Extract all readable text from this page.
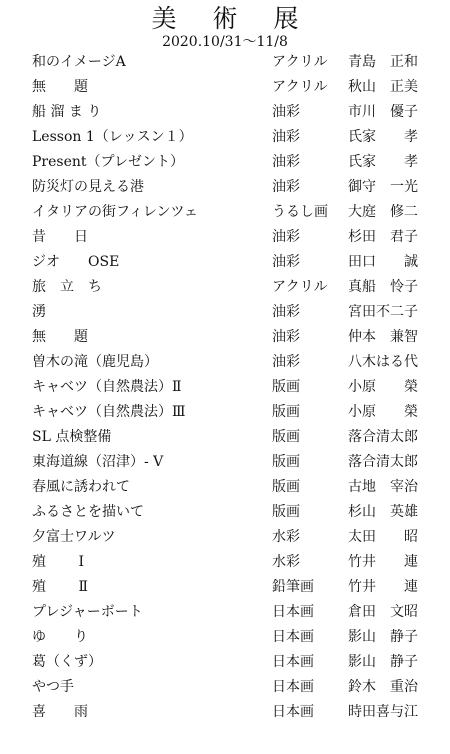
美 術 展
2020.10/31〜11/8
和のイメージA	アクリル	青島　正和
無　　題	アクリル	秋山　正美
船 溜 ま り	油彩	市川　優子
Lesson 1（レッスン１）	油彩	氏家　　孝
Present（プレゼント）	油彩	氏家　　孝
防災灯の見える港	油彩	御守　一光
イタリアの街フィレンツェ	うるし画	大庭　修二
昔　　日	油彩	杉田　君子
ジオ　　OSE	油彩	田口　　誠
旅　立　ち	アクリル	真船　怜子
湧	油彩	宮田不二子
無　　題	油彩	仲本　兼智
曽木の滝（鹿児島）	油彩	八木はる代
キャベツ（自然農法）Ⅱ	版画	小原　　榮
キャベツ（自然農法）Ⅲ	版画	小原　　榮
SL 点検整備	版画	落合清太郎
東海道線（沼津）- V	版画	落合清太郎
春風に誘われて	版画	古地　宰治
ふるさとを描いて	版画	杉山　英雄
夕富士ワルツ	水彩	太田　　昭
殖　　 Ⅰ	水彩	竹井　　連
殖　　 Ⅱ	鉛筆画	竹井　　連
プレジャーボート	日本画	倉田　文昭
ゆ　　り	日本画	影山　静子
葛（くず）	日本画	影山　静子
やつ手	日本画	鈴木　重治
喜　　雨	日本画	時田喜与江
